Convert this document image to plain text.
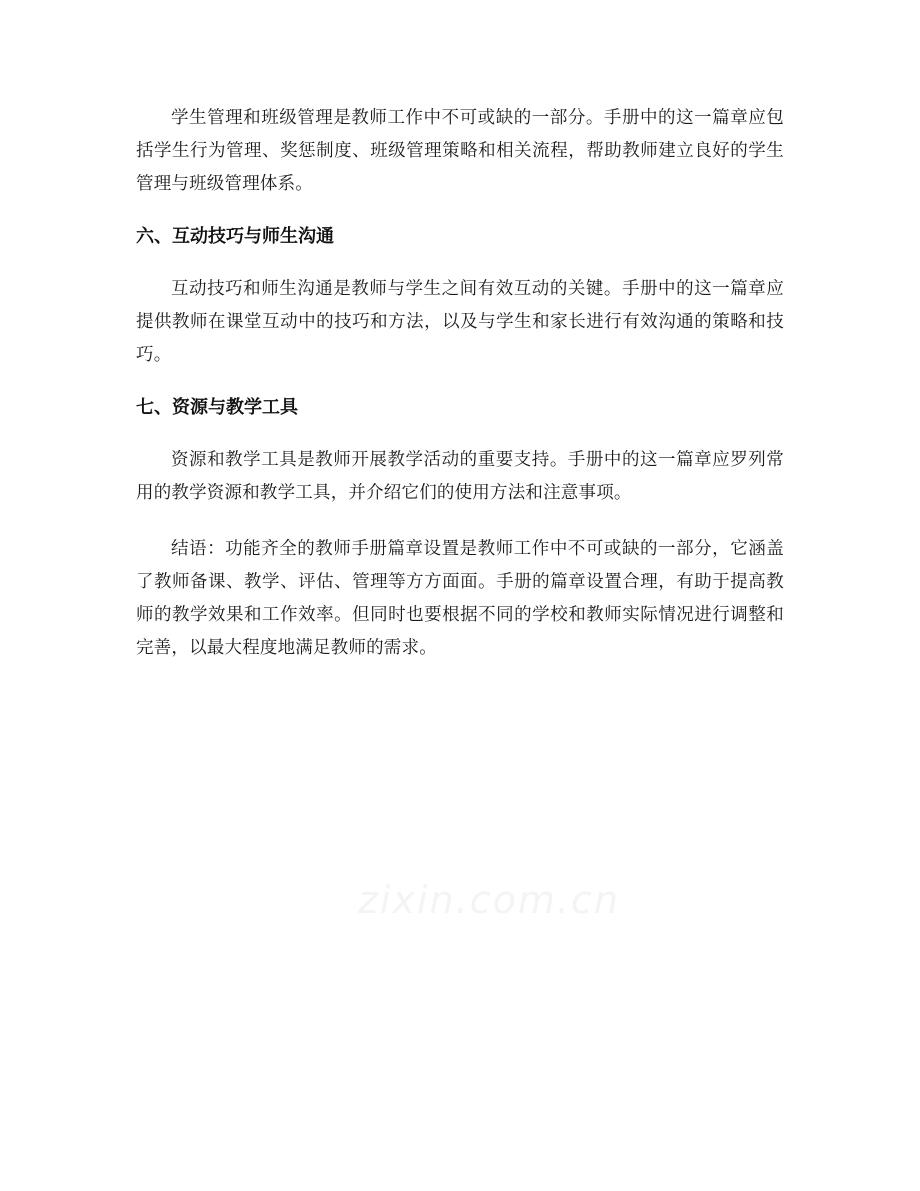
学生管理和班级管理是教师工作中不可或缺的一部分。手册中的这一篇章应包括学生行为管理、奖惩制度、班级管理策略和相关流程，帮助教师建立良好的学生管理与班级管理体系。

六、互动技巧与师生沟通

互动技巧和师生沟通是教师与学生之间有效互动的关键。手册中的这一篇章应提供教师在课堂互动中的技巧和方法，以及与学生和家长进行有效沟通的策略和技巧。

七、资源与教学工具

资源和教学工具是教师开展教学活动的重要支持。手册中的这一篇章应罗列常用的教学资源和教学工具，并介绍它们的使用方法和注意事项。

结语：功能齐全的教师手册篇章设置是教师工作中不可或缺的一部分，它涵盖了教师备课、教学、评估、管理等方方面面。手册的篇章设置合理，有助于提高教师的教学效果和工作效率。但同时也要根据不同的学校和教师实际情况进行调整和完善，以最大程度地满足教师的需求。

zixin.com.cn
